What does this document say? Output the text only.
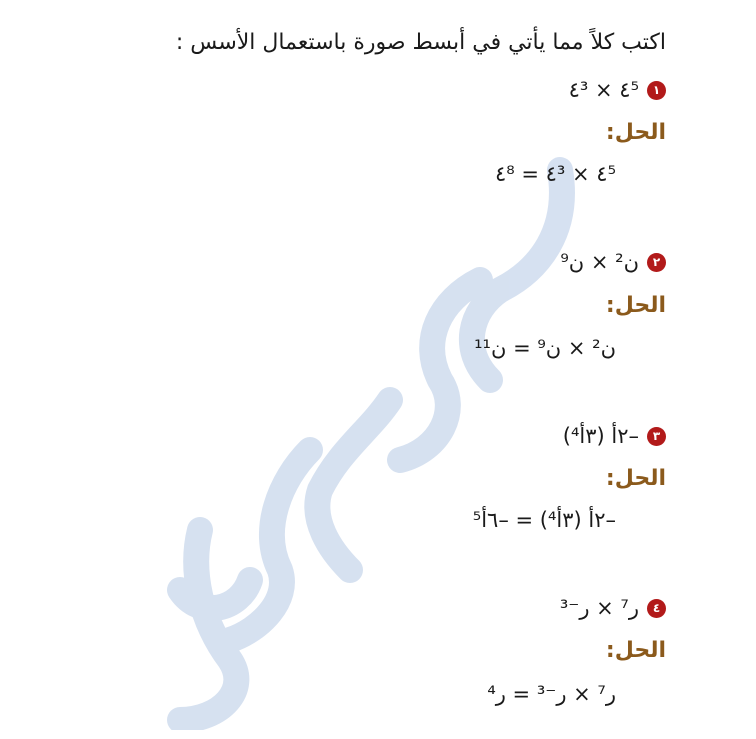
اكتب كلاً مما يأتي في أبسط صورة باستعمال الأسس :
١
٤⁵ × ٤³
الحل:
٤⁵ × ٤³ = ٤⁸
٢
ن² × ن⁹
الحل:
ن² × ن⁹ = ن¹¹
٣
–٢أ (٣أ⁴)
الحل:
–٢أ (٣أ⁴) = –٦أ⁵
٤
ر⁷ × ر⁻³
الحل:
ر⁷ × ر⁻³ = ر⁴
